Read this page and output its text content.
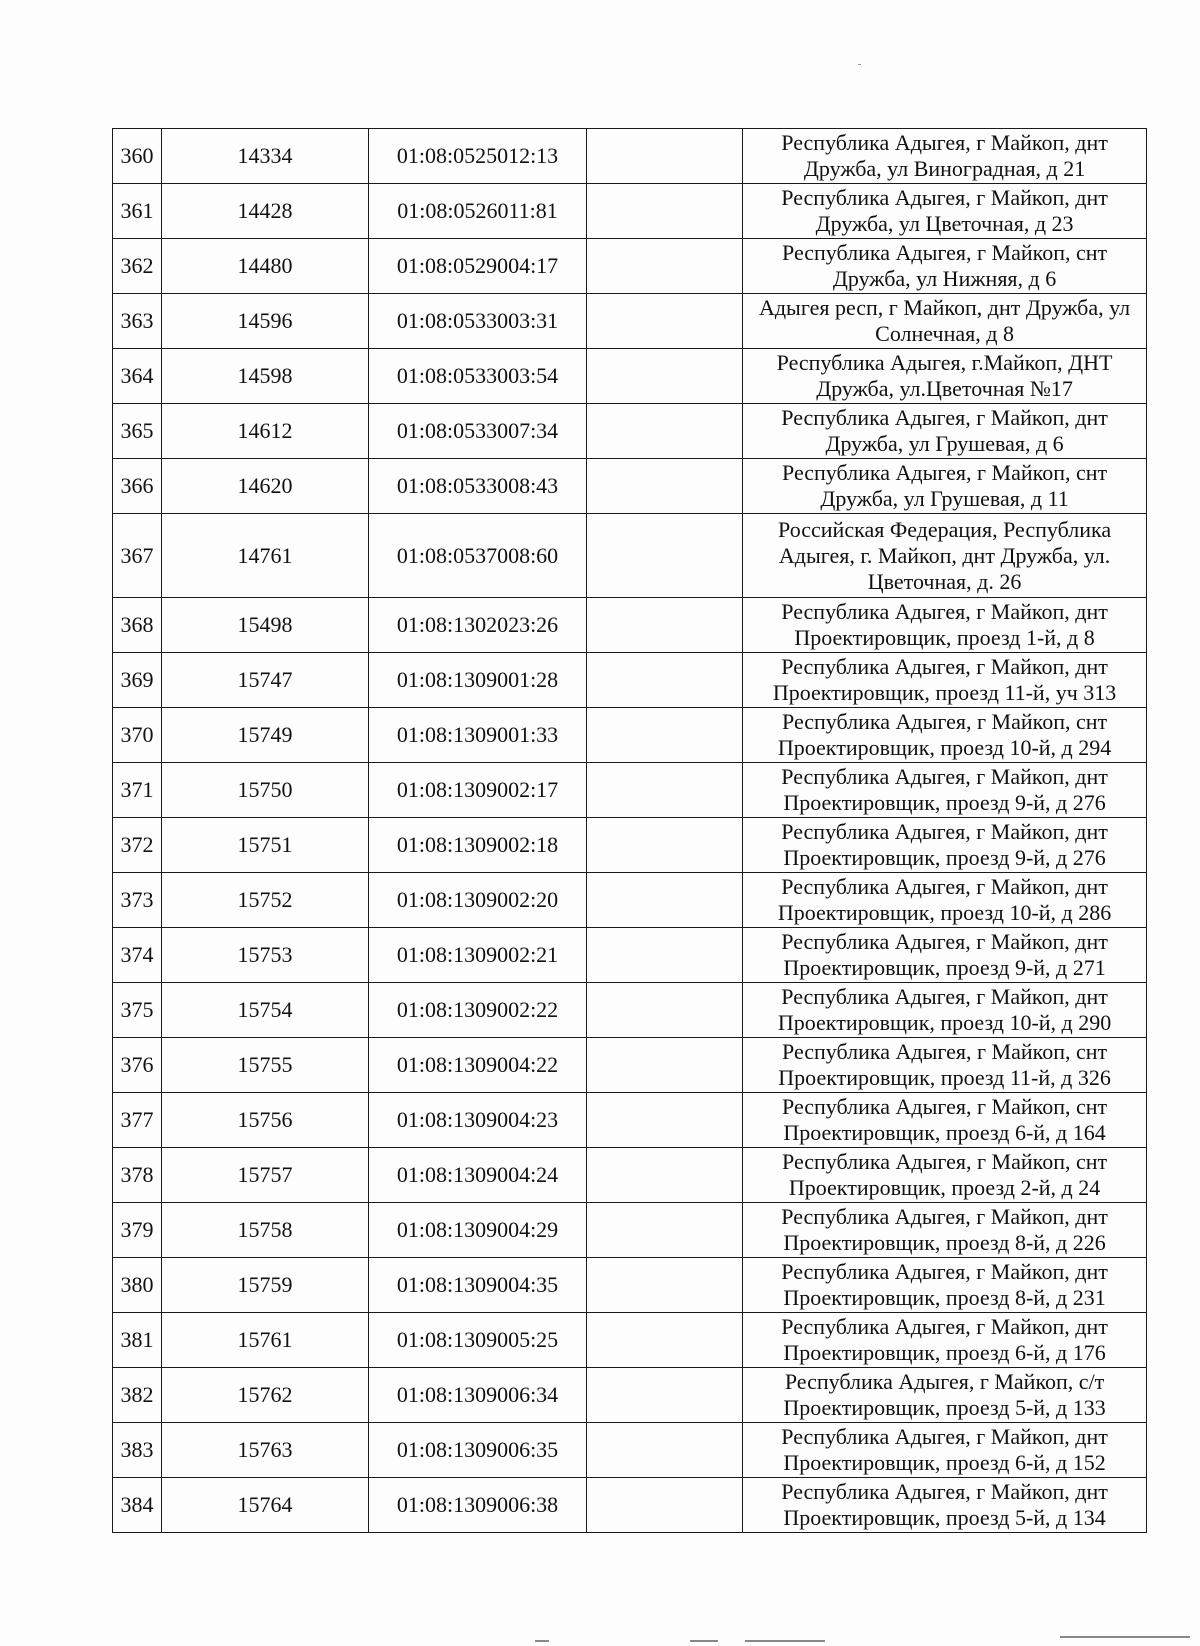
360	14334	01:08:0525012:13		Республика Адыгея, г Майкоп, днт Дружба, ул Виноградная, д 21
361	14428	01:08:0526011:81		Республика Адыгея, г Майкоп, днт Дружба, ул Цветочная, д 23
362	14480	01:08:0529004:17		Республика Адыгея, г Майкоп, снт Дружба, ул Нижняя, д 6
363	14596	01:08:0533003:31		Адыгея респ, г Майкоп, днт Дружба, ул Солнечная, д 8
364	14598	01:08:0533003:54		Республика Адыгея, г.Майкоп, ДНТ Дружба, ул.Цветочная №17
365	14612	01:08:0533007:34		Республика Адыгея, г Майкоп, днт Дружба, ул Грушевая, д 6
366	14620	01:08:0533008:43		Республика Адыгея, г Майкоп, снт Дружба, ул Грушевая, д 11
367	14761	01:08:0537008:60		Российская Федерация, Республика Адыгея, г. Майкоп, днт Дружба, ул. Цветочная, д. 26
368	15498	01:08:1302023:26		Республика Адыгея, г Майкоп, днт Проектировщик, проезд 1-й, д 8
369	15747	01:08:1309001:28		Республика Адыгея, г Майкоп, днт Проектировщик, проезд 11-й, уч 313
370	15749	01:08:1309001:33		Республика Адыгея, г Майкоп, снт Проектировщик, проезд 10-й, д 294
371	15750	01:08:1309002:17		Республика Адыгея, г Майкоп, днт Проектировщик, проезд 9-й, д 276
372	15751	01:08:1309002:18		Республика Адыгея, г Майкоп, днт Проектировщик, проезд 9-й, д 276
373	15752	01:08:1309002:20		Республика Адыгея, г Майкоп, днт Проектировщик, проезд 10-й, д 286
374	15753	01:08:1309002:21		Республика Адыгея, г Майкоп, днт Проектировщик, проезд 9-й, д 271
375	15754	01:08:1309002:22		Республика Адыгея, г Майкоп, днт Проектировщик, проезд 10-й, д 290
376	15755	01:08:1309004:22		Республика Адыгея, г Майкоп, снт Проектировщик, проезд 11-й, д 326
377	15756	01:08:1309004:23		Республика Адыгея, г Майкоп, снт Проектировщик, проезд 6-й, д 164
378	15757	01:08:1309004:24		Республика Адыгея, г Майкоп, снт Проектировщик, проезд 2-й, д 24
379	15758	01:08:1309004:29		Республика Адыгея, г Майкоп, днт Проектировщик, проезд 8-й, д 226
380	15759	01:08:1309004:35		Республика Адыгея, г Майкоп, днт Проектировщик, проезд 8-й, д 231
381	15761	01:08:1309005:25		Республика Адыгея, г Майкоп, днт Проектировщик, проезд 6-й, д 176
382	15762	01:08:1309006:34		Республика Адыгея, г Майкоп, с/т Проектировщик, проезд 5-й, д 133
383	15763	01:08:1309006:35		Республика Адыгея, г Майкоп, днт Проектировщик, проезд 6-й, д 152
384	15764	01:08:1309006:38		Республика Адыгея, г Майкоп, днт Проектировщик, проезд 5-й, д 134
